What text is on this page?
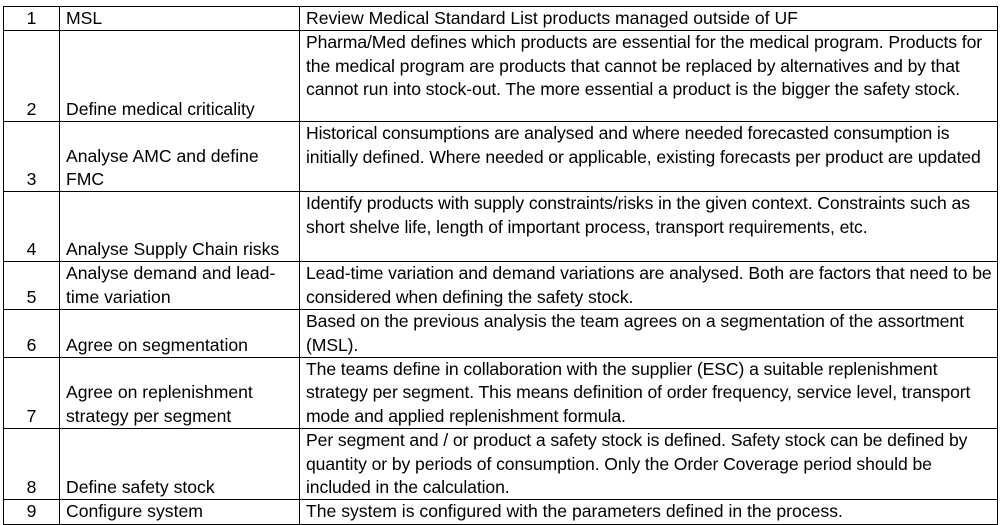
1	MSL	Review Medical Standard List products managed outside of UF
2	Define medical criticality	Pharma/Med defines which products are essential for the medical program. Products for the medical program are products that cannot be replaced by alternatives and by that cannot run into stock-out. The more essential a product is the bigger the safety stock.
3	Analyse AMC and define FMC	Historical consumptions are analysed and where needed forecasted consumption is initially defined. Where needed or applicable, existing forecasts per product are updated
4	Analyse Supply Chain risks	Identify products with supply constraints/risks in the given context. Constraints such as short shelve life, length of important process, transport requirements, etc.
5	Analyse demand and lead-time variation	Lead-time variation and demand variations are analysed. Both are factors that need to be considered when defining the safety stock.
6	Agree on segmentation	Based on the previous analysis the team agrees on a segmentation of the assortment (MSL).
7	Agree on replenishment strategy per segment	The teams define in collaboration with the supplier (ESC) a suitable replenishment strategy per segment. This means definition of order frequency, service level, transport mode and applied replenishment formula.
8	Define safety stock	Per segment and / or product a safety stock is defined. Safety stock can be defined by quantity or by periods of consumption. Only the Order Coverage period should be included in the calculation.
9	Configure system	The system is configured with the parameters defined in the process.
